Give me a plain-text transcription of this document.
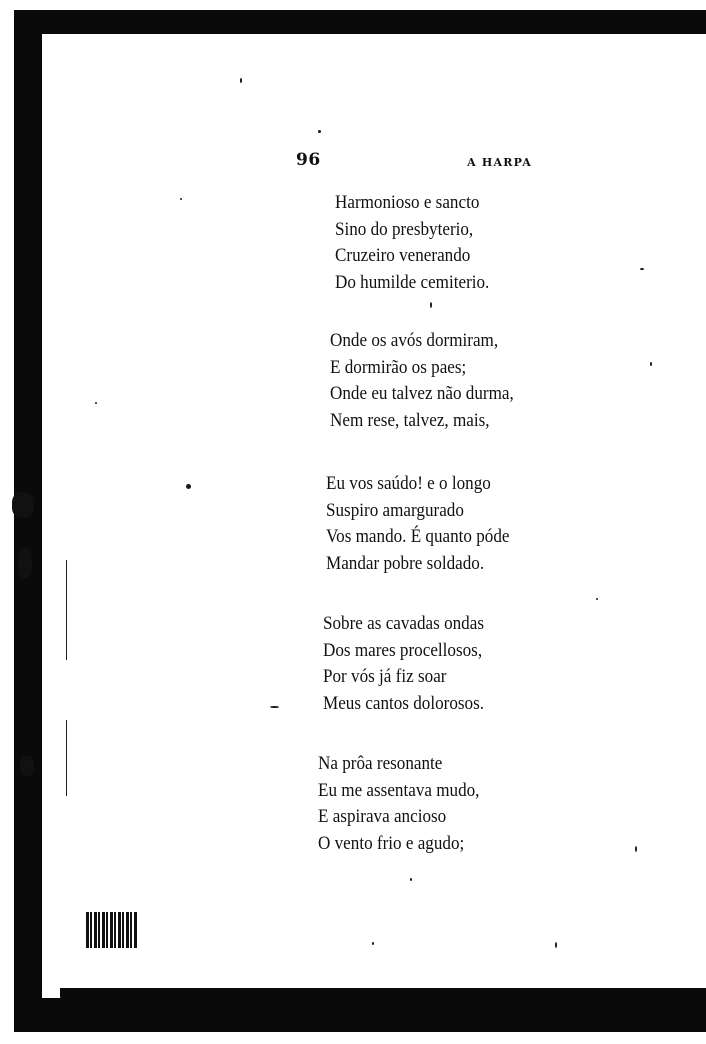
96	A HARPA

Harmonioso e sancto
Sino do presbyterio,
Cruzeiro venerando
Do humilde cemiterio.

Onde os avós dormiram,
E dormirão os paes;
Onde eu talvez não durma,
Nem rese, talvez, mais,

Eu vos saúdo! e o longo
Suspiro amargurado
Vos mando. É quanto póde
Mandar pobre soldado.

Sobre as cavadas ondas
Dos mares procellosos,
Por vós já fiz soar
Meus cantos dolorosos.

Na prôa resonante
Eu me assentava mudo,
E aspirava ancioso
O vento frio e agudo;
